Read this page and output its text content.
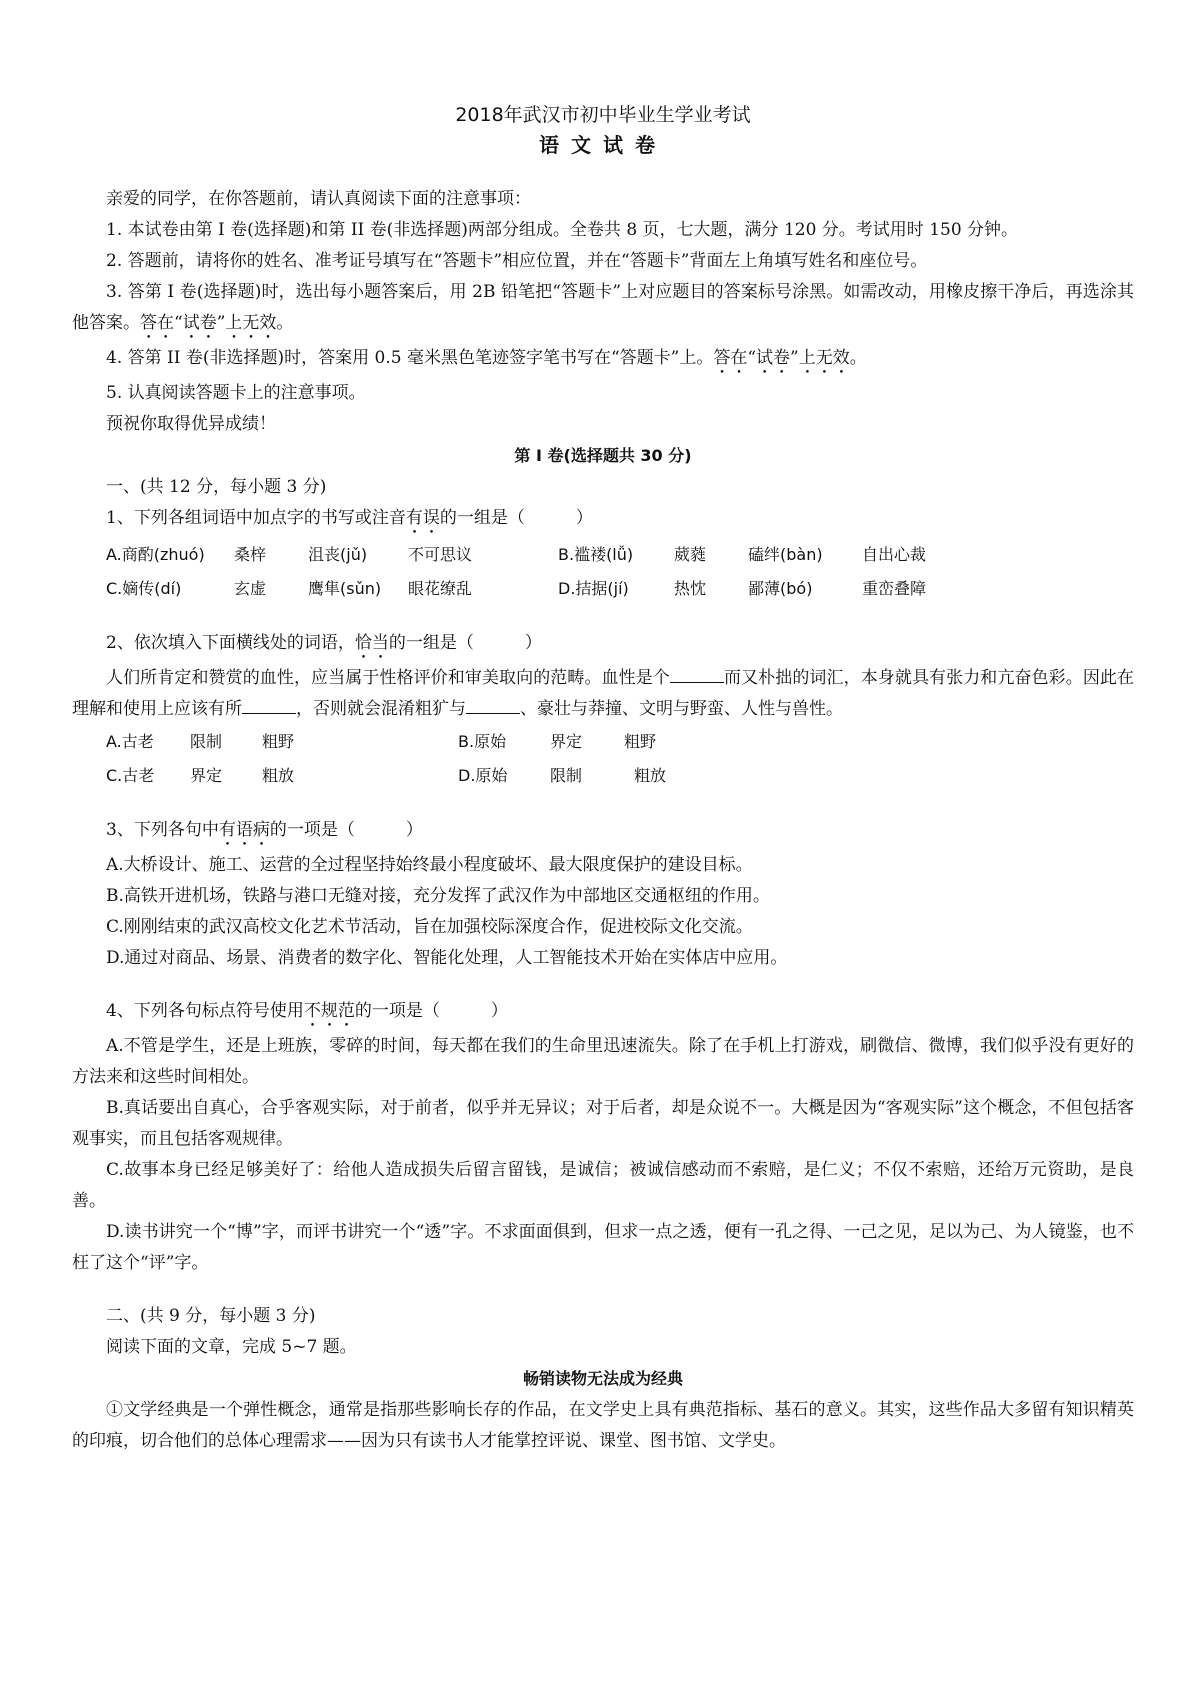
2018年武汉市初中毕业生学业考试
语文试卷
亲爱的同学，在你答题前，请认真阅读下面的注意事项：
1. 本试卷由第 I 卷(选择题)和第 II 卷(非选择题)两部分组成。全卷共 8 页，七大题，满分 120 分。考试用时 150 分钟。
2. 答题前，请将你的姓名、准考证号填写在“答题卡”相应位置，并在“答题卡”背面左上角填写姓名和座位号。
3. 答第 I 卷(选择题)时，选出每小题答案后，用 2B 铅笔把“答题卡”上对应题目的答案标号涂黑。如需改动，用橡皮擦干净后，再选涂其他答案。答在“试卷”上无效。
4. 答第 II 卷(非选择题)时，答案用 0.5 毫米黑色笔迹签字笔书写在“答题卡”上。答在“试卷”上无效。
5. 认真阅读答题卡上的注意事项。
预祝你取得优异成绩！
第 I 卷(选择题共 30 分)
一、(共 12 分，每小题 3 分)
1、下列各组词语中加点字的书写或注音有误的一组是（　　　）
A.商酌(zhuó)	桑梓	沮丧(jǔ)	不可思议	B.褴褛(lǚ)	葳蕤	磕绊(bàn)	自出心裁
C.嫡传(dí)	玄虚	鹰隼(sǔn)	眼花缭乱	D.拮据(jí)	热忱	鄙薄(bó)	重峦叠障
2、依次填入下面横线处的词语，恰当的一组是（　　　）
人们所肯定和赞赏的血性，应当属于性格评价和审美取向的范畴。血性是个	而又朴拙的词汇，本身就具有张力和亢奋色彩。因此在理解和使用上应该有所	，否则就会混淆粗犷与	、豪壮与莽撞、文明与野蛮、人性与兽性。
A.古老	限制	粗野	B.原始	界定	粗野
C.古老	界定	粗放	D.原始	限制	粗放
3、下列各句中有语病的一项是（　　　）
A.大桥设计、施工、运营的全过程坚持始终最小程度破坏、最大限度保护的建设目标。
B.高铁开进机场，铁路与港口无缝对接，充分发挥了武汉作为中部地区交通枢纽的作用。
C.刚刚结束的武汉高校文化艺术节活动，旨在加强校际深度合作，促进校际文化交流。
D.通过对商品、场景、消费者的数字化、智能化处理，人工智能技术开始在实体店中应用。
4、下列各句标点符号使用不规范的一项是（　　　）
A.不管是学生，还是上班族，零碎的时间，每天都在我们的生命里迅速流失。除了在手机上打游戏，刷微信、微博，我们似乎没有更好的方法来和这些时间相处。
B.真话要出自真心，合乎客观实际，对于前者，似乎并无异议；对于后者，却是众说不一。大概是因为“客观实际”这个概念，不但包括客观事实，而且包括客观规律。
C.故事本身已经足够美好了：给他人造成损失后留言留钱，是诚信；被诚信感动而不索赔，是仁义；不仅不索赔，还给万元资助，是良善。
D.读书讲究一个“博”字，而评书讲究一个“透”字。不求面面俱到，但求一点之透，便有一孔之得、一己之见，足以为己、为人镜鉴，也不枉了这个“评”字。
二、(共 9 分，每小题 3 分)
阅读下面的文章，完成 5~7 题。
畅销读物无法成为经典
①文学经典是一个弹性概念，通常是指那些影响长存的作品，在文学史上具有典范指标、基石的意义。其实，这些作品大多留有知识精英的印痕，切合他们的总体心理需求——因为只有读书人才能掌控评说、课堂、图书馆、文学史。
